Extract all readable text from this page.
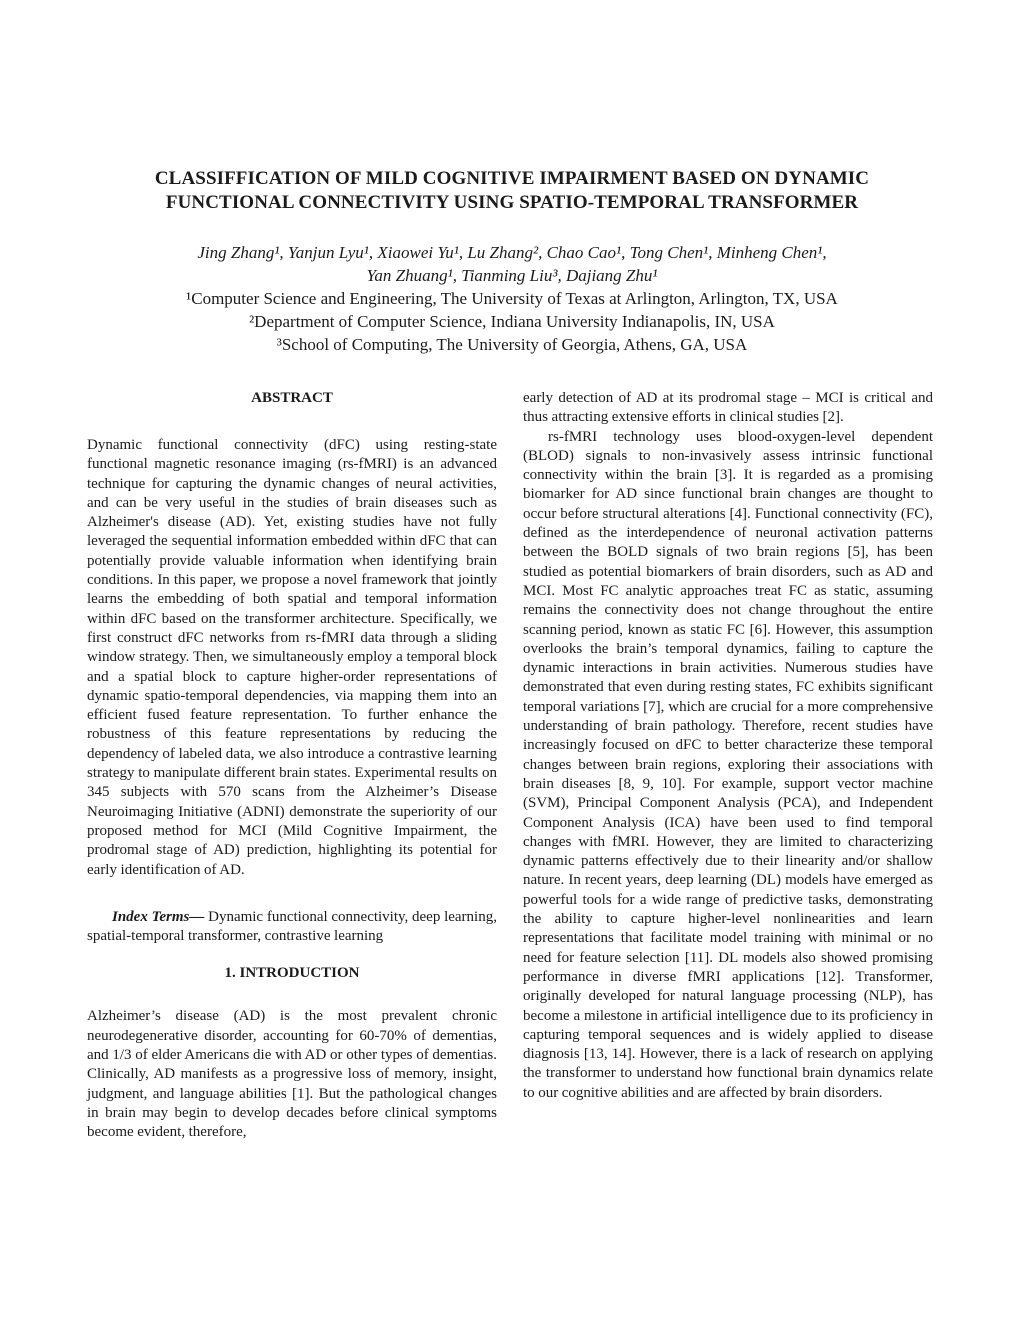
CLASSIFFICATION OF MILD COGNITIVE IMPAIRMENT BASED ON DYNAMIC
FUNCTIONAL CONNECTIVITY USING SPATIO-TEMPORAL TRANSFORMER
Jing Zhang¹, Yanjun Lyu¹, Xiaowei Yu¹, Lu Zhang², Chao Cao¹, Tong Chen¹, Minheng Chen¹,
Yan Zhuang¹, Tianming Liu³, Dajiang Zhu¹
¹Computer Science and Engineering, The University of Texas at Arlington, Arlington, TX, USA
²Department of Computer Science, Indiana University Indianapolis, IN, USA
³School of Computing, The University of Georgia, Athens, GA, USA
ABSTRACT

Dynamic functional connectivity (dFC) using resting-state functional magnetic resonance imaging (rs-fMRI) is an advanced technique for capturing the dynamic changes of neural activities, and can be very useful in the studies of brain diseases such as Alzheimer's disease (AD). Yet, existing studies have not fully leveraged the sequential information embedded within dFC that can potentially provide valuable information when identifying brain conditions. In this paper, we propose a novel framework that jointly learns the embedding of both spatial and temporal information within dFC based on the transformer architecture. Specifically, we first construct dFC networks from rs-fMRI data through a sliding window strategy. Then, we simultaneously employ a temporal block and a spatial block to capture higher-order representations of dynamic spatio-temporal dependencies, via mapping them into an efficient fused feature representation. To further enhance the robustness of this feature representations by reducing the dependency of labeled data, we also introduce a contrastive learning strategy to manipulate different brain states. Experimental results on 345 subjects with 570 scans from the Alzheimer’s Disease Neuroimaging Initiative (ADNI) demonstrate the superiority of our proposed method for MCI (Mild Cognitive Impairment, the prodromal stage of AD) prediction, highlighting its potential for early identification of AD.

Index Terms— Dynamic functional connectivity, deep learning, spatial-temporal transformer, contrastive learning

1. INTRODUCTION

Alzheimer’s disease (AD) is the most prevalent chronic neurodegenerative disorder, accounting for 60-70% of dementias, and 1/3 of elder Americans die with AD or other types of dementias. Clinically, AD manifests as a progressive loss of memory, insight, judgment, and language abilities [1]. But the pathological changes in brain may begin to develop decades before clinical symptoms become evident, therefore,

early detection of AD at its prodromal stage – MCI is critical and thus attracting extensive efforts in clinical studies [2].

rs-fMRI technology uses blood-oxygen-level dependent (BLOD) signals to non-invasively assess intrinsic functional connectivity within the brain [3]. It is regarded as a promising biomarker for AD since functional brain changes are thought to occur before structural alterations [4]. Functional connectivity (FC), defined as the interdependence of neuronal activation patterns between the BOLD signals of two brain regions [5], has been studied as potential biomarkers of brain disorders, such as AD and MCI. Most FC analytic approaches treat FC as static, assuming remains the connectivity does not change throughout the entire scanning period, known as static FC [6]. However, this assumption overlooks the brain’s temporal dynamics, failing to capture the dynamic interactions in brain activities. Numerous studies have demonstrated that even during resting states, FC exhibits significant temporal variations [7], which are crucial for a more comprehensive understanding of brain pathology. Therefore, recent studies have increasingly focused on dFC to better characterize these temporal changes between brain regions, exploring their associations with brain diseases [8, 9, 10]. For example, support vector machine (SVM), Principal Component Analysis (PCA), and Independent Component Analysis (ICA) have been used to find temporal changes with fMRI. However, they are limited to characterizing dynamic patterns effectively due to their linearity and/or shallow nature. In recent years, deep learning (DL) models have emerged as powerful tools for a wide range of predictive tasks, demonstrating the ability to capture higher-level nonlinearities and learn representations that facilitate model training with minimal or no need for feature selection [11]. DL models also showed promising performance in diverse fMRI applications [12]. Transformer, originally developed for natural language processing (NLP), has become a milestone in artificial intelligence due to its proficiency in capturing temporal sequences and is widely applied to disease diagnosis [13, 14]. However, there is a lack of research on applying the transformer to understand how functional brain dynamics relate to our cognitive abilities and are affected by brain disorders.
